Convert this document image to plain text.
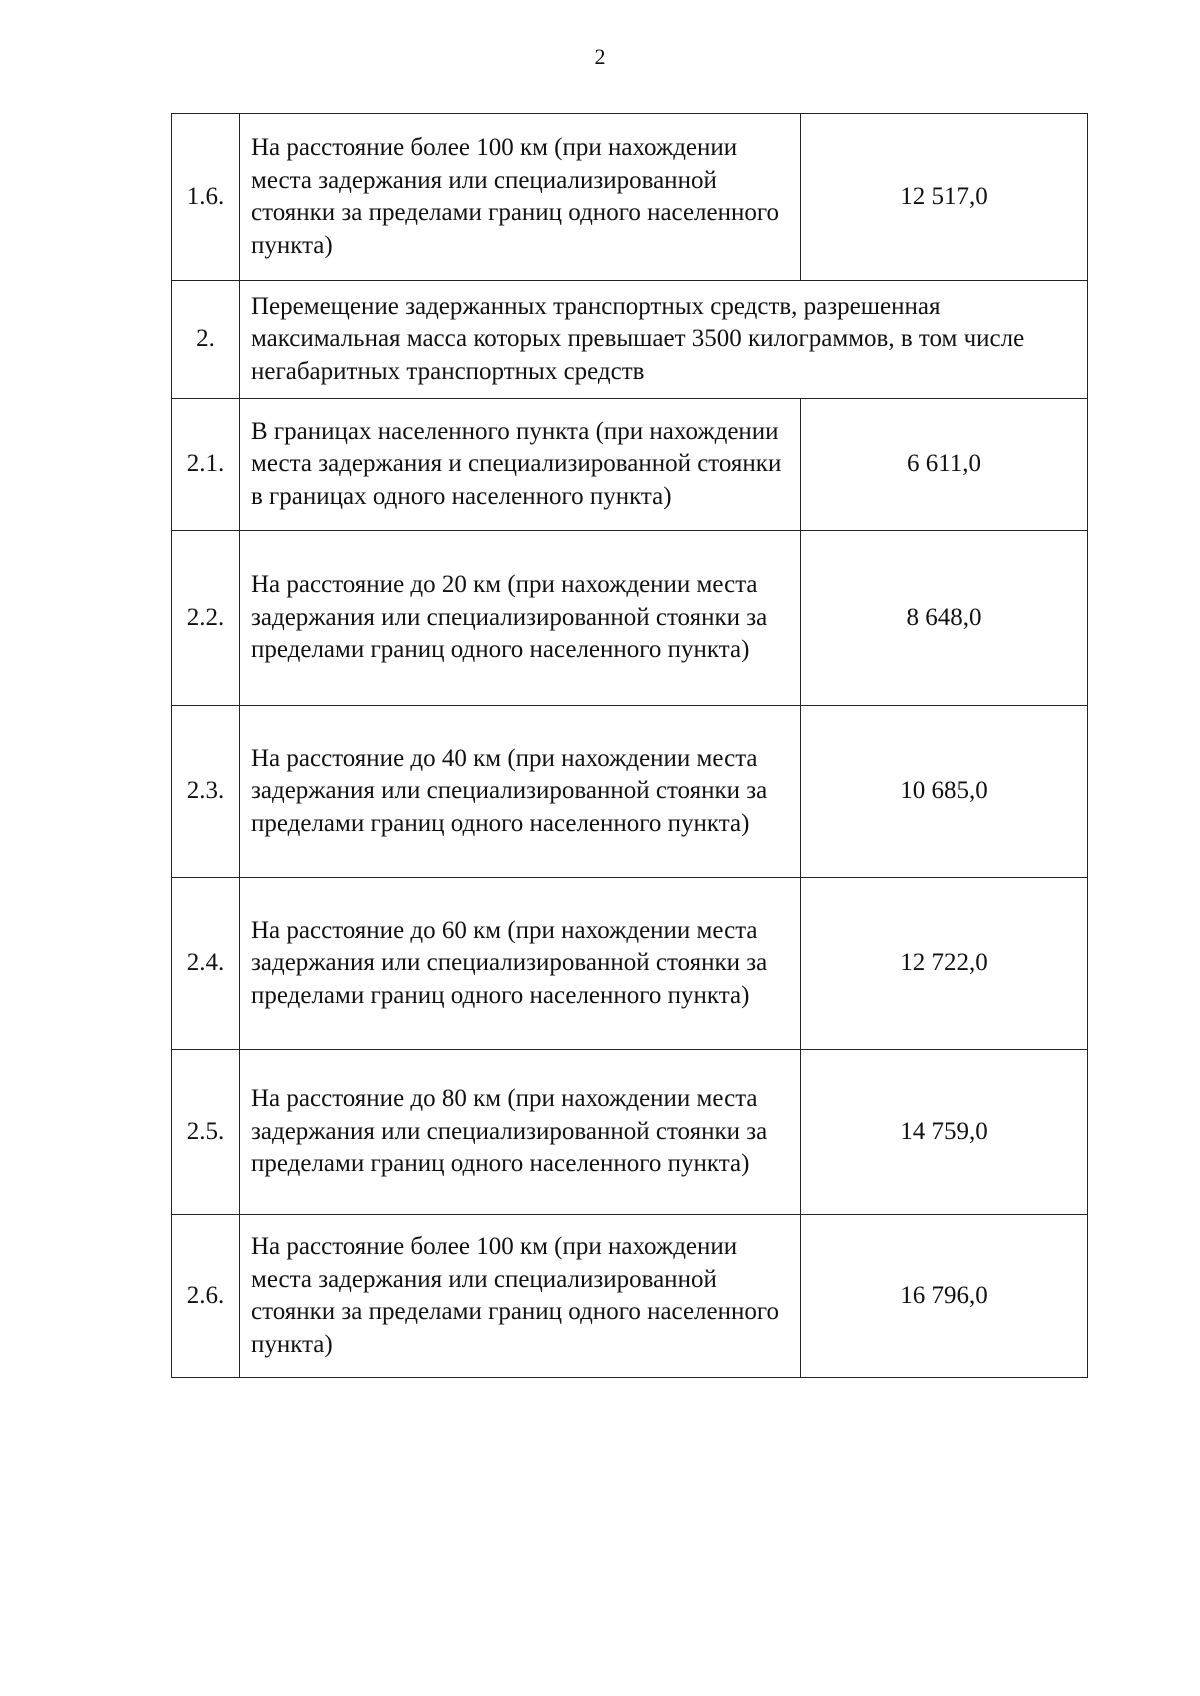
2
1.6.	На расстояние более 100 км (при нахождении места задержания или специализированной стоянки за пределами границ одного населенного пункта)	12 517,0
2.	Перемещение задержанных транспортных средств, разрешенная максимальная масса которых превышает 3500 килограммов, в том числе негабаритных транспортных средств	
2.1.	В границах населенного пункта (при нахождении места задержания и специализированной стоянки в границах одного населенного пункта)	6 611,0
2.2.	На расстояние до 20 км (при нахождении места задержания или специализированной стоянки за пределами границ одного населенного пункта)	8 648,0
2.3.	На расстояние до 40 км (при нахождении места задержания или специализированной стоянки за пределами границ одного населенного пункта)	10 685,0
2.4.	На расстояние до 60 км (при нахождении места задержания или специализированной стоянки за пределами границ одного населенного пункта)	12 722,0
2.5.	На расстояние до 80 км (при нахождении места задержания или специализированной стоянки за пределами границ одного населенного пункта)	14 759,0
2.6.	На расстояние более 100 км (при нахождении места задержания или специализированной стоянки за пределами границ одного населенного пункта)	16 796,0
